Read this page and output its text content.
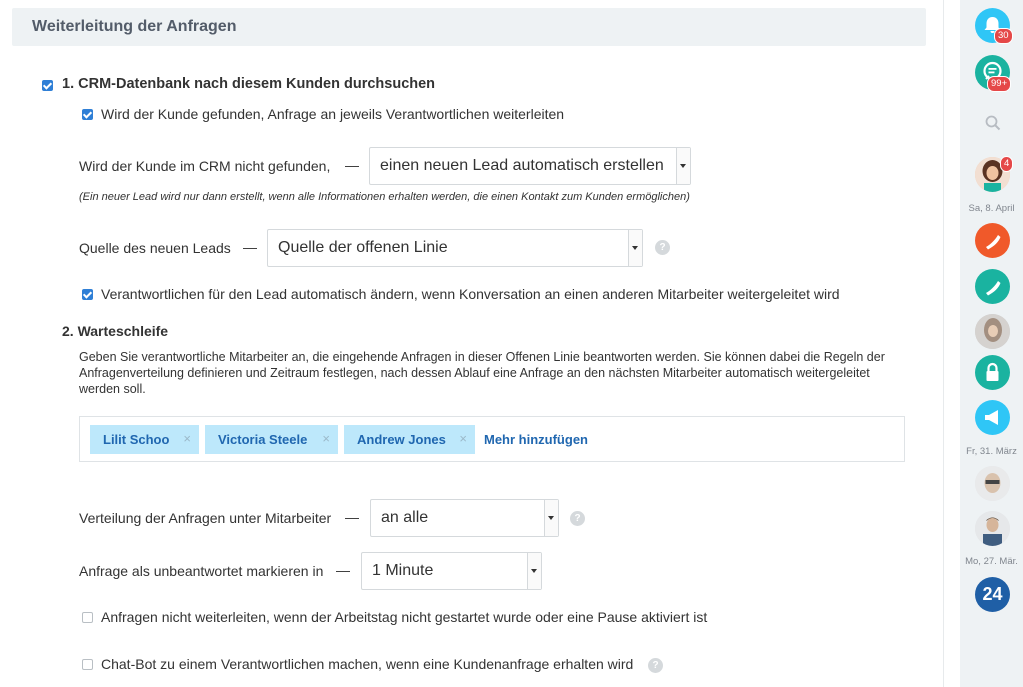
Weiterleitung der Anfragen
1. CRM-Datenbank nach diesem Kunden durchsuchen
Wird der Kunde gefunden, Anfrage an jeweils Verantwortlichen weiterleiten
Wird der Kunde im CRM nicht gefunden, — einen neuen Lead automatisch erstellen
(Ein neuer Lead wird nur dann erstellt, wenn alle Informationen erhalten werden, die einen Kontakt zum Kunden ermöglichen)
Quelle des neuen Leads — Quelle der offenen Linie	?
Verantwortlichen für den Lead automatisch ändern, wenn Konversation an einen anderen Mitarbeiter weitergeleitet wird
2. Warteschleife
Geben Sie verantwortliche Mitarbeiter an, die eingehende Anfragen in dieser Offenen Linie beantworten werden. Sie können dabei die Regeln der Anfragenverteilung definieren und Zeitraum festlegen, nach dessen Ablauf eine Anfrage an den nächsten Mitarbeiter automatisch weitergeleitet werden soll.
Lilit Schoo × Victoria Steele × Andrew Jones × Mehr hinzufügen
Verteilung der Anfragen unter Mitarbeiter — an alle	?
Anfrage als unbeantwortet markieren in — 1 Minute
Anfragen nicht weiterleiten, wenn der Arbeitstag nicht gestartet wurde oder eine Pause aktiviert ist
Chat-Bot zu einem Verantwortlichen machen, wenn eine Kundenanfrage erhalten wird	?
30
99+
4
Sa, 8. April
Fr, 31. März
Mo, 27. Mär.
24
